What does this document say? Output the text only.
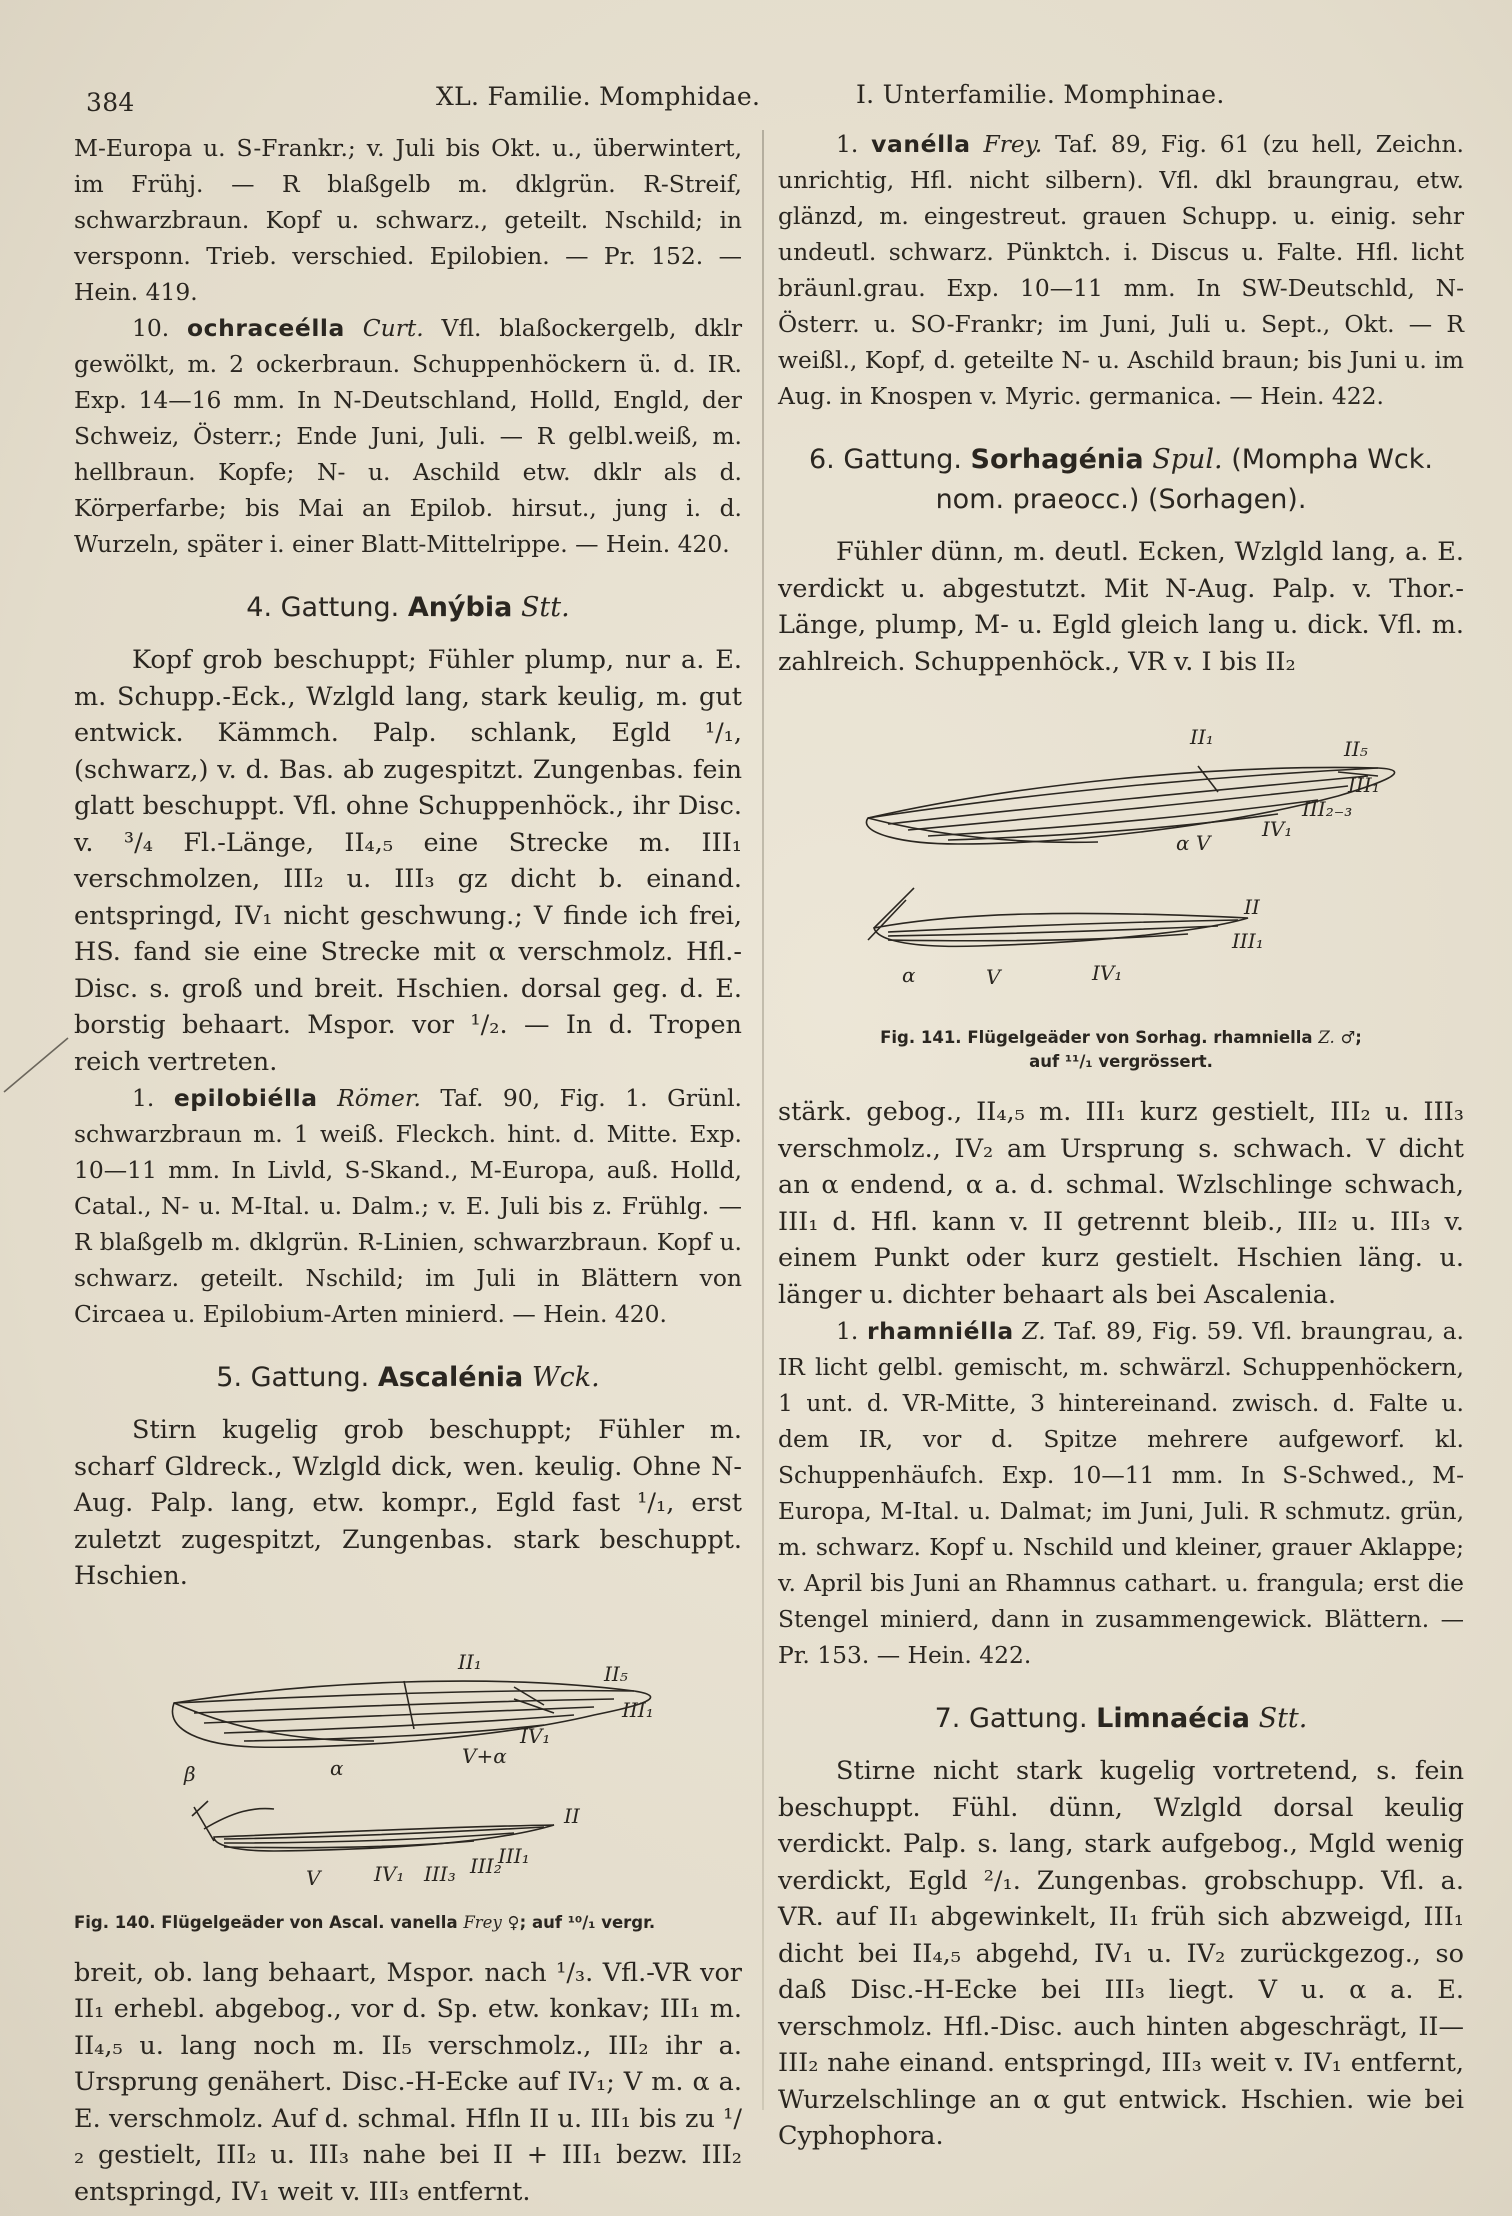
384	XL. Familie. Momphidae.	I. Unterfamilie. Momphinae.

M-Europa u. S-Frankr.; v. Juli bis Okt. u., überwintert, im Frühj. — R blaßgelb m. dklgrün. R-Streif, schwarzbraun. Kopf u. schwarz., geteilt. Nschild; in versponn. Trieb. verschied. Epilobien. — Pr. 152. — Hein. 419.

10. ochraceélla Curt. Vfl. blaßockergelb, dklr gewölkt, m. 2 ockerbraun. Schuppenhöckern ü. d. IR. Exp. 14—16 mm. In N-Deutschland, Holld, Engld, der Schweiz, Österr.; Ende Juni, Juli. — R gelbl.weiß, m. hellbraun. Kopfe; N- u. Aschild etw. dklr als d. Körperfarbe; bis Mai an Epilob. hirsut., jung i. d. Wurzeln, später i. einer Blatt-Mittelrippe. — Hein. 420.

4. Gattung. Anýbia Stt.

Kopf grob beschuppt; Fühler plump, nur a. E. m. Schupp.-Eck., Wzlgld lang, stark keulig, m. gut entwick. Kämmch. Palp. schlank, Egld ¹/₁, (schwarz,) v. d. Bas. ab zugespitzt. Zungenbas. fein glatt beschuppt. Vfl. ohne Schuppenhöck., ihr Disc. v. ³/₄ Fl.-Länge, II₄,₅ eine Strecke m. III₁ verschmolzen, III₂ u. III₃ gz dicht b. einand. entspringd, IV₁ nicht geschwung.; V finde ich frei, HS. fand sie eine Strecke mit α verschmolz. Hfl.-Disc. s. groß und breit. Hschien. dorsal geg. d. E. borstig behaart. Mspor. vor ¹/₂. — In d. Tropen reich vertreten.

1. epilobiélla Römer. Taf. 90, Fig. 1. Grünl. schwarzbraun m. 1 weiß. Fleckch. hint. d. Mitte. Exp. 10—11 mm. In Livld, S-Skand., M-Europa, auß. Holld, Catal., N- u. M-Ital. u. Dalm.; v. E. Juli bis z. Frühlg. — R blaßgelb m. dklgrün. R-Linien, schwarzbraun. Kopf u. schwarz. geteilt. Nschild; im Juli in Blättern von Circaea u. Epilobium-Arten minierd. — Hein. 420.

5. Gattung. Ascalénia Wck.

Stirn kugelig grob beschuppt; Fühler m. scharf Gldreck., Wzlgld dick, wen. keulig. Ohne N-Aug. Palp. lang, etw. kompr., Egld fast ¹/₁, erst zuletzt zugespitzt, Zungenbas. stark beschuppt. Hschien.

II₁	II₅
III₁
IV₁
V+α
β	α
II
V	IV₁ III₃ III₂
III₁
Fig. 140. Flügelgeäder von Ascal. vanella Frey ♀; auf ¹⁰/₁ vergr.

breit, ob. lang behaart, Mspor. nach ¹/₃. Vfl.-VR vor II₁ erhebl. abgebog., vor d. Sp. etw. konkav; III₁ m. II₄,₅ u. lang noch m. II₅ verschmolz., III₂ ihr a. Ursprung genähert. Disc.-H-Ecke auf IV₁; V m. α a. E. verschmolz. Auf d. schmal. Hfln II u. III₁ bis zu ¹/₂ gestielt, III₂ u. III₃ nahe bei II + III₁ bezw. III₂ entspringd, IV₁ weit v. III₃ entfernt.

1. vanélla Frey. Taf. 89, Fig. 61 (zu hell, Zeichn. unrichtig, Hfl. nicht silbern). Vfl. dkl braungrau, etw. glänzd, m. eingestreut. grauen Schupp. u. einig. sehr undeutl. schwarz. Pünktch. i. Discus u. Falte. Hfl. licht bräunl.grau. Exp. 10—11 mm. In SW-Deutschld, N-Österr. u. SO-Frankr; im Juni, Juli u. Sept., Okt. — R weißl., Kopf, d. geteilte N- u. Aschild braun; bis Juni u. im Aug. in Knospen v. Myric. germanica. — Hein. 422.

6. Gattung. Sorhagénia Spul. (Mompha Wck.
nom. praeocc.) (Sorhagen).

Fühler dünn, m. deutl. Ecken, Wzlgld lang, a. E. verdickt u. abgestutzt. Mit N-Aug. Palp. v. Thor.-Länge, plump, M- u. Egld gleich lang u. dick. Vfl. m. zahlreich. Schuppenhöck., VR v. I bis II₂

II₁	II₅
III₁
III₂₋₃
IV₁
α V
II
III₁
α	V	IV₁
Fig. 141. Flügelgeäder von Sorhag. rhamniella Z. ♂;
auf ¹¹/₁ vergrössert.

stärk. gebog., II₄,₅ m. III₁ kurz gestielt, III₂ u. III₃ verschmolz., IV₂ am Ursprung s. schwach. V dicht an α endend, α a. d. schmal. Wzlschlinge schwach, III₁ d. Hfl. kann v. II getrennt bleib., III₂ u. III₃ v. einem Punkt oder kurz gestielt. Hschien läng. u. länger u. dichter behaart als bei Ascalenia.

1. rhamniélla Z. Taf. 89, Fig. 59. Vfl. braungrau, a. IR licht gelbl. gemischt, m. schwärzl. Schuppenhöckern, 1 unt. d. VR-Mitte, 3 hintereinand. zwisch. d. Falte u. dem IR, vor d. Spitze mehrere aufgeworf. kl. Schuppenhäufch. Exp. 10—11 mm. In S-Schwed., M-Europa, M-Ital. u. Dalmat; im Juni, Juli. R schmutz. grün, m. schwarz. Kopf u. Nschild und kleiner, grauer Aklappe; v. April bis Juni an Rhamnus cathart. u. frangula; erst die Stengel minierd, dann in zusammengewick. Blättern. — Pr. 153. — Hein. 422.

7. Gattung. Limnaécia Stt.

Stirne nicht stark kugelig vortretend, s. fein beschuppt. Fühl. dünn, Wzlgld dorsal keulig verdickt. Palp. s. lang, stark aufgebog., Mgld wenig verdickt, Egld ²/₁. Zungenbas. grobschupp. Vfl. a. VR. auf II₁ abgewinkelt, II₁ früh sich abzweigd, III₁ dicht bei II₄,₅ abgehd, IV₁ u. IV₂ zurückgezog., so daß Disc.-H-Ecke bei III₃ liegt. V u. α a. E. verschmolz. Hfl.-Disc. auch hinten abgeschrägt, II—III₂ nahe einand. entspringd, III₃ weit v. IV₁ entfernt, Wurzelschlinge an α gut entwick. Hschien. wie bei Cyphophora.
